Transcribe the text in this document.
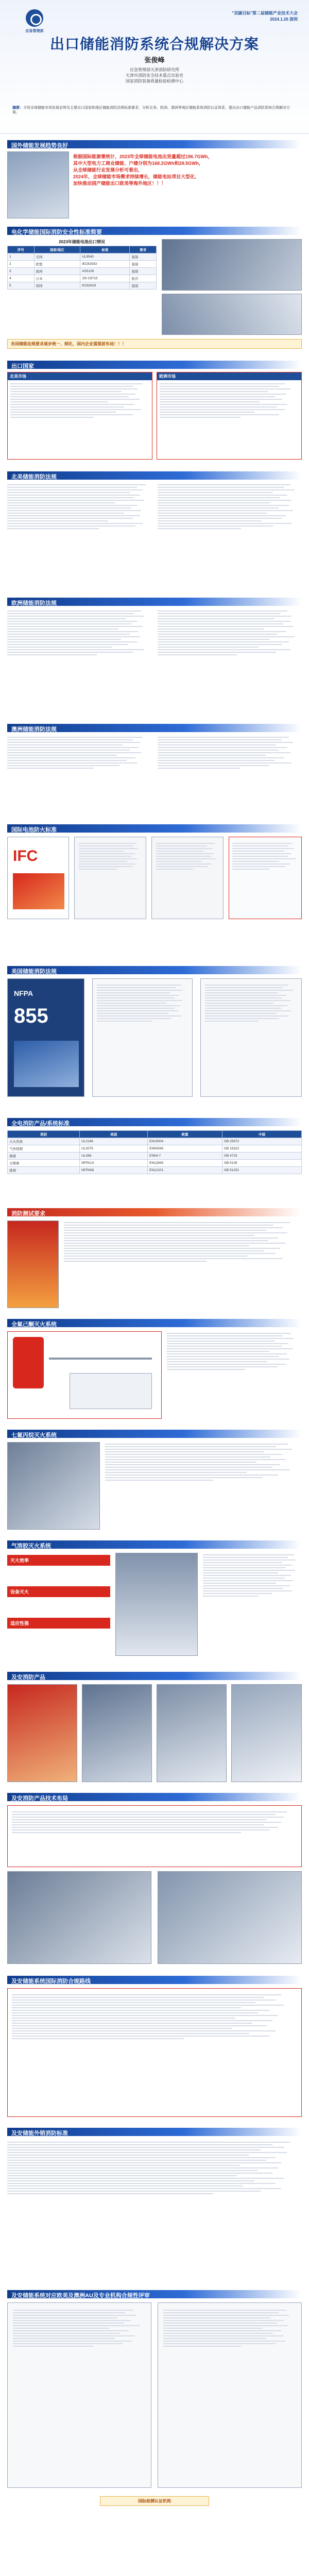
应急管理部
"双碳目标"第二届储能产业技术大会
2024.1.26 深圳
出口储能消防系统合规解决方案
张俊峰
应急管理部天津消防研究所
天津市消防安全技术重点实验室
国家消防装备质量检验检测中心
摘要：介绍全球储能市场发展态势及主要出口国家和地区储能消防法规标准要求，分析北美、欧洲、澳洲等地区储能系统消防认证体系，提出出口储能产品消防系统合规解决方案。
国外储能发展趋势良好
根据国际能源署统计，2023年全球储能电池出货量超过196.7GWh，
其中大型电力工商业储能、户储分别为168.2GWh和28.5GWh，
从全球储能行业发展分析可看出，
2024年，全球储能市场需求持续增长，储能电站项目大型化、
加快推动国产储能出口欧美等海外地区！！！
电化学储能国际消防安全性标准简要
2023年储能电池出口情况
序号	国家/地区	标准	要求
1	美国	UL9540	强制
2	欧盟	IEC62933	强制
3	澳洲	AS5139	强制
4	日本	JIS C8715	推荐
5	韩国	KC62619	强制
各国储能法规要求逐步统一、细化，国内企业需提前布局！！！
出口国家
北美市场	欧洲市场
北美储能消防法规
欧洲储能消防法规
澳洲储能消防法规
国际电池防火标准
IFC
美国储能消防法规
NFPA
855
全电消防产品/系统标准
类别	美国	欧盟	中国
灭火系统	UL2166	EN15004	GB 25972
气体探测	UL2075	EN50545	GB 15322
烟感	UL268	EN54-7	GB 4715
水喷淋	NFPA13	EN12845	GB 5135
排烟	NFPA68	EN12101	GB 51251
消防测试要求
全氟己酮灭火系统
七氟丙烷灭火系统
气溶胶灭火系统
灭火效率
设备灭火
适应性强
及安消防产品
及安消防产品技术布局
及安储能系统国际消防合规路线
及安储能外销消防标准
及安储能系统对应欧美及澳洲AU及专业机构合规性评审
国际检测认证机构
